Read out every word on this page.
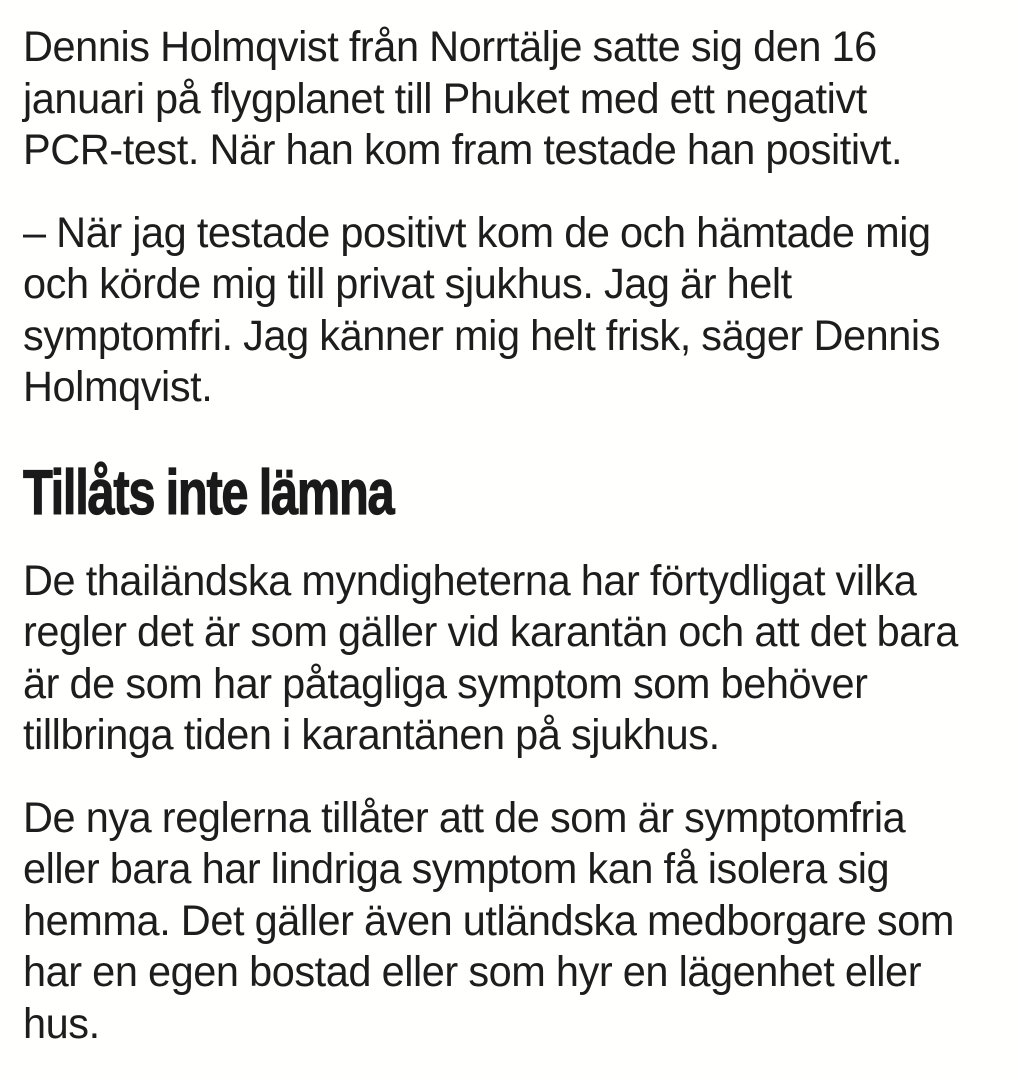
Dennis Holmqvist från Norrtälje satte sig den 16 januari på flygplanet till Phuket med ett negativt PCR-test. När han kom fram testade han positivt.

– När jag testade positivt kom de och hämtade mig och körde mig till privat sjukhus. Jag är helt symptomfri. Jag känner mig helt frisk, säger Dennis Holmqvist.

Tillåts inte lämna

De thailändska myndigheterna har förtydligat vilka regler det är som gäller vid karantän och att det bara är de som har påtagliga symptom som behöver tillbringa tiden i karantänen på sjukhus.

De nya reglerna tillåter att de som är symptomfria eller bara har lindriga symptom kan få isolera sig hemma. Det gäller även utländska medborgare som har en egen bostad eller som hyr en lägenhet eller hus.
